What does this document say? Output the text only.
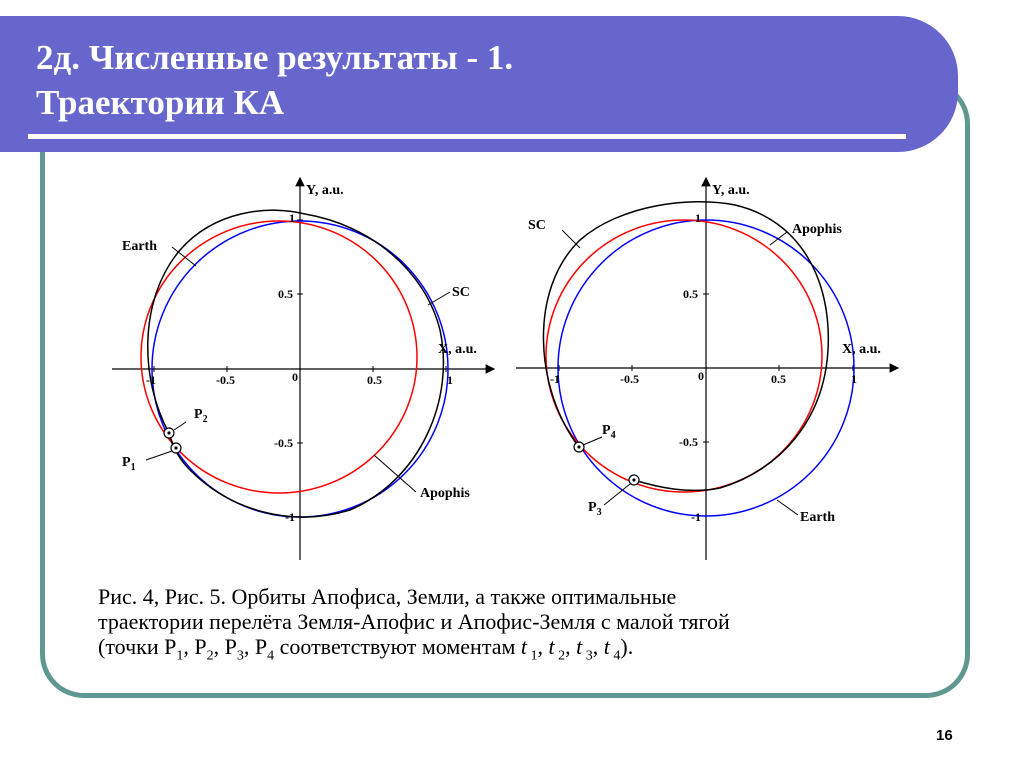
2д. Численные результаты - 1.
Траектории КА
-1	-0.5	0	0.5	1
1
0.5
-0.5
-1
Y, a.u.
X, a.u.
Earth
SC
Apophis
$P_2$
$P_1$
-1	-0.5	0	0.5	1
1
0.5
-0.5
-1
Y, a.u.
X, a.u.
SC	Apophis
Earth
$P_4$
$P_3$
Рис. 4, Рис. 5. Орбиты Апофиса, Земли, а также оптимальные
траектории перелёта Земля-Апофис и Апофис-Земля с малой тягой
(точки $P_1$, $P_2$, $P_3$, $P_4$ соответствуют моментам t $_1$, t $_2$, t $_3$, t $_4$).
16
